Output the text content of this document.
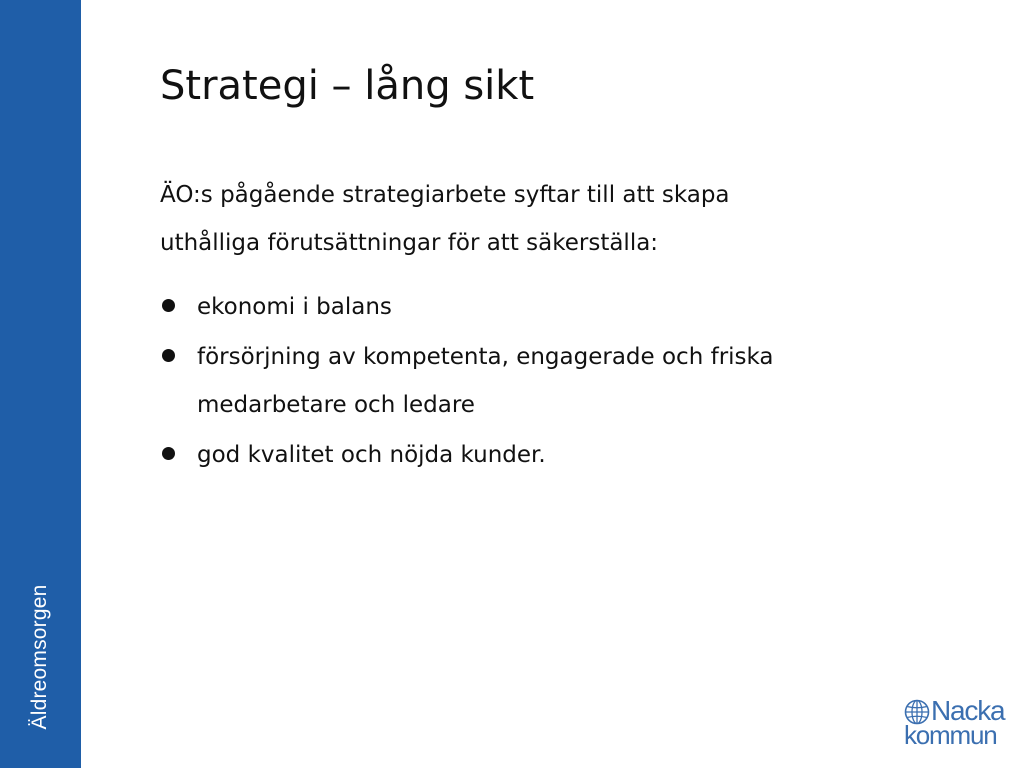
Äldreomsorgen
Strategi – lång sikt

ÄO:s pågående strategiarbete syftar till att skapa
uthålliga förutsättningar för att säkerställa:

ekonomi i balans
försörjning av kompetenta, engagerade och friska
medarbetare och ledare
god kvalitet och nöjda kunder.
Nacka
kommun
